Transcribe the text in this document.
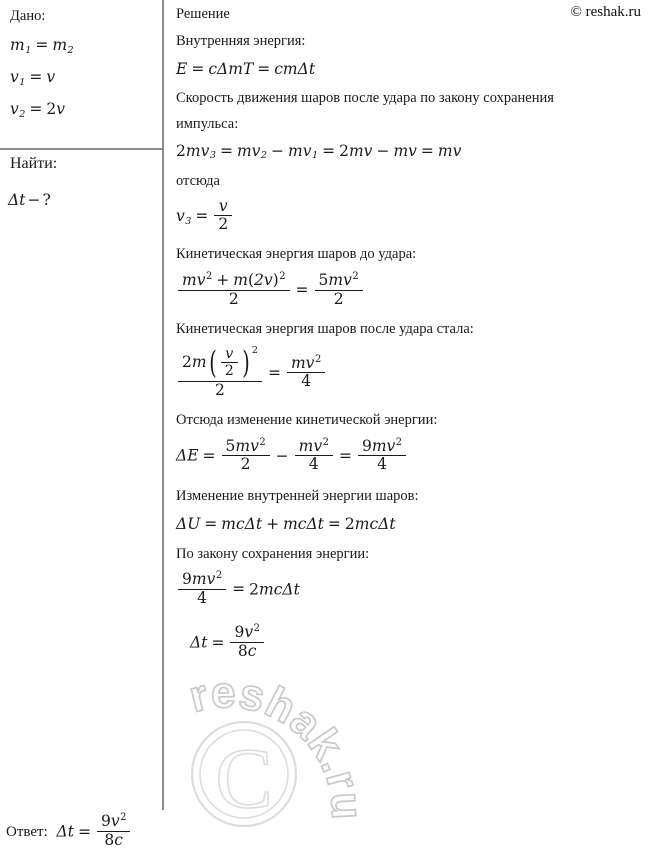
© reshak.ru
Дано:
$m_1 = m_2$
$v_1 = v$
$v_2 = 2v$
Найти:
Δt − ?
Решение
Внутренняя энергия:
E = cΔmT = cmΔt
Скорость движения шаров после удара по закону сохранения
импульса:
$2mv_3 = mv_2 - mv_1 = 2mv$ − mv = mv
отсюда
$v_3 = \frac{v}{2}$
Кинетическая энергия шаров до удара:
$\frac{mv^2 + m(2v)^2}{2} = \frac{5mv^2}{2}$
Кинетическая энергия шаров после удара стала:
$\frac{2m( \frac{v}{2} ) ^2}{2} = \frac{mv^2}{4}$
Отсюда изменение кинетической энергии:
$\Delta E = \frac{5mv^2}{2} - \frac{mv^2}{4} = \frac{9mv^2}{4}$
Изменение внутренней энергии шаров:
ΔU = mcΔt + mcΔt = 2mcΔt
По закону сохранения энергии:
$\frac{9mv^2}{4} = 2mc\Delta t$
$\Delta t = \frac{9v^2}{8c}$
C
reshak.ru
Ответ: $\Delta t = \frac{9v^2}{8c}$
